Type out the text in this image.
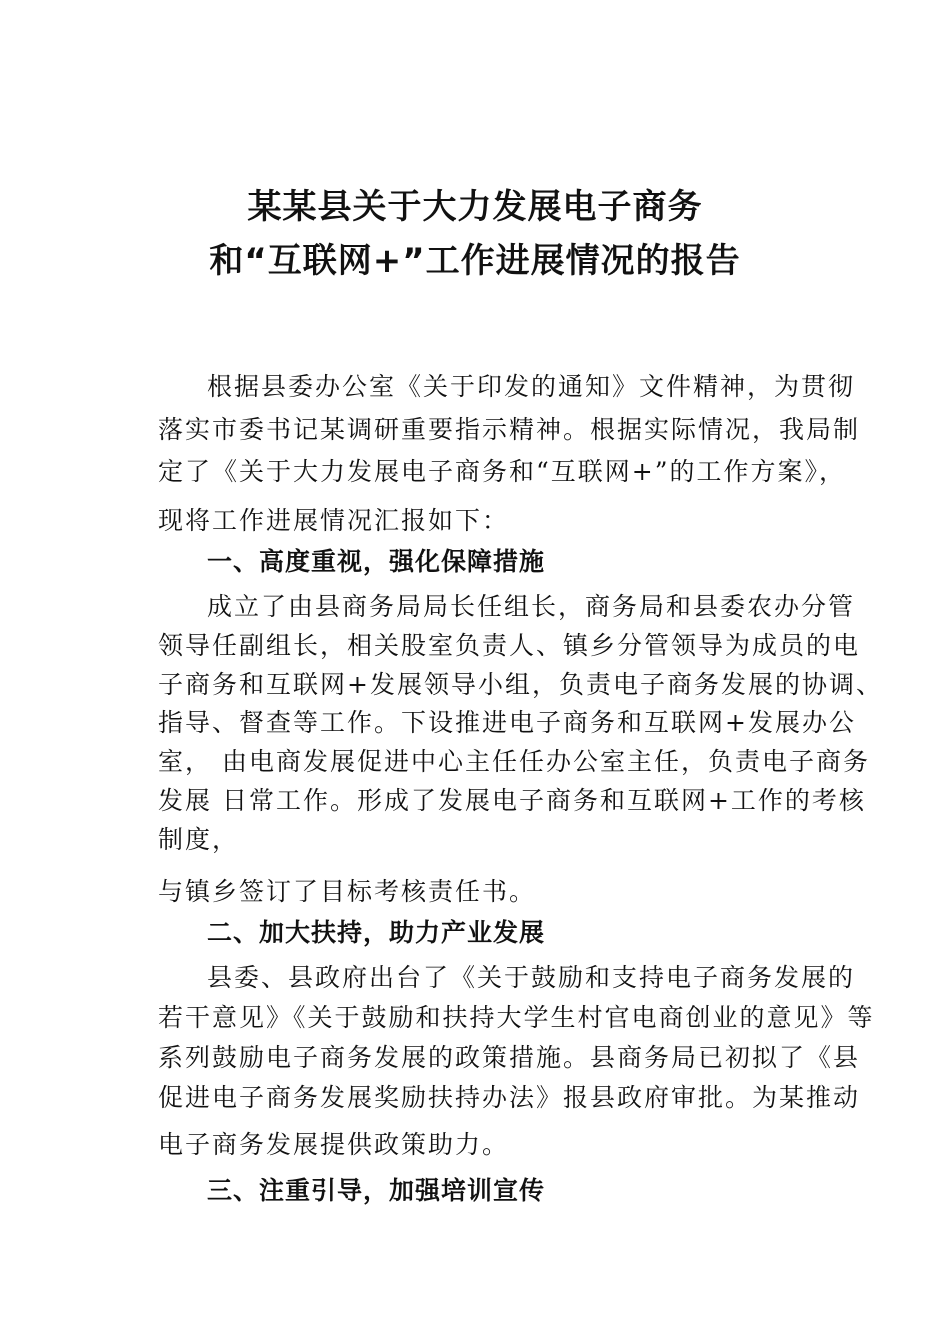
某某县关于大力发展电子商务
和“互联网+”工作进展情况的报告
根据县委办公室《关于印发的通知》文件精神，为贯彻
落实市委书记某调研重要指示精神。根据实际情况，我局制
定了《关于大力发展电子商务和“互联网+”的工作方案》，
现将工作进展情况汇报如下：
一、高度重视，强化保障措施
成立了由县商务局局长任组长，商务局和县委农办分管
领导任副组长，相关股室负责人、镇乡分管领导为成员的电
子商务和互联网+发展领导小组，负责电子商务发展的协调、
指导、督查等工作。下设推进电子商务和互联网+发展办公
室， 由电商发展促进中心主任任办公室主任，负责电子商务
发展 日常工作。形成了发展电子商务和互联网+工作的考核
制度，
与镇乡签订了目标考核责任书。
二、加大扶持，助力产业发展
县委、县政府出台了《关于鼓励和支持电子商务发展的
若干意见》《关于鼓励和扶持大学生村官电商创业的意见》等
系列鼓励电子商务发展的政策措施。县商务局已初拟了《县
促进电子商务发展奖励扶持办法》报县政府审批。为某推动
电子商务发展提供政策助力。
三、注重引导，加强培训宣传
